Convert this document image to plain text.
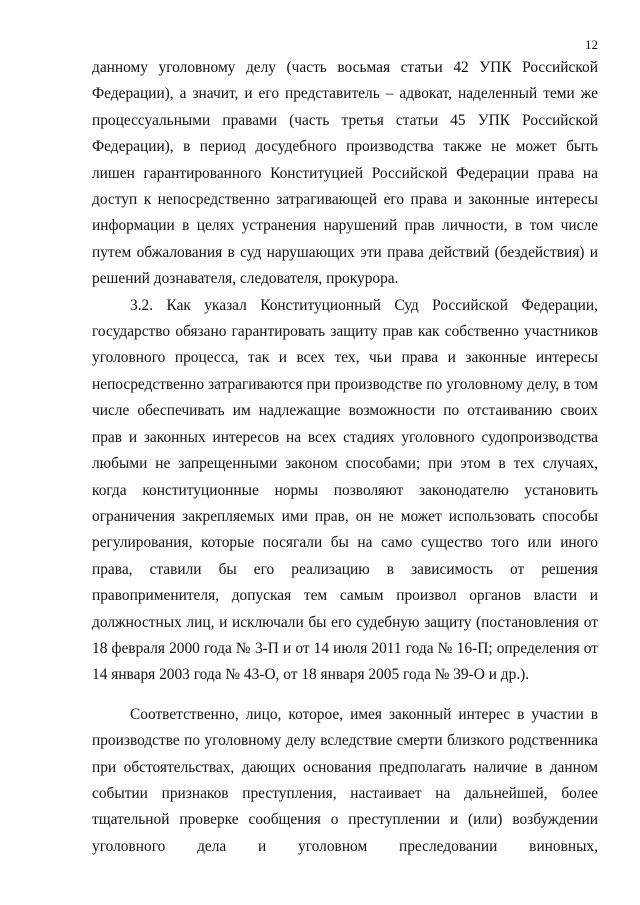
12

данному уголовному делу (часть восьмая статьи 42 УПК Российской Федерации), а значит, и его представитель – адвокат, наделенный теми же процессуальными правами (часть третья статьи 45 УПК Российской Федерации), в период досудебного производства также не может быть лишен гарантированного Конституцией Российской Федерации права на доступ к непосредственно затрагивающей его права и законные интересы информации в целях устранения нарушений прав личности, в том числе путем обжалования в суд нарушающих эти права действий (бездействия) и решений дознавателя, следователя, прокурора.

3.2. Как указал Конституционный Суд Российской Федерации, государство обязано гарантировать защиту прав как собственно участников уголовного процесса, так и всех тех, чьи права и законные интересы непосредственно затрагиваются при производстве по уголовному делу, в том числе обеспечивать им надлежащие возможности по отстаиванию своих прав и законных интересов на всех стадиях уголовного судопроизводства любыми не запрещенными законом способами; при этом в тех случаях, когда конституционные нормы позволяют законодателю установить ограничения закрепляемых ими прав, он не может использовать способы регулирования, которые посягали бы на само существо того или иного права, ставили бы его реализацию в зависимость от решения правоприменителя, допуская тем самым произвол органов власти и должностных лиц, и исключали бы его судебную защиту (постановления от 18 февраля 2000 года № 3-П и от 14 июля 2011 года № 16-П; определения от 14 января 2003 года № 43-О, от 18 января 2005 года № 39-О и др.).

Соответственно, лицо, которое, имея законный интерес в участии в производстве по уголовному делу вследствие смерти близкого родственника при обстоятельствах, дающих основания предполагать наличие в данном событии признаков преступления, настаивает на дальнейшей, более тщательной проверке сообщения о преступлении и (или) возбуждении уголовного дела и уголовном преследовании виновных,
